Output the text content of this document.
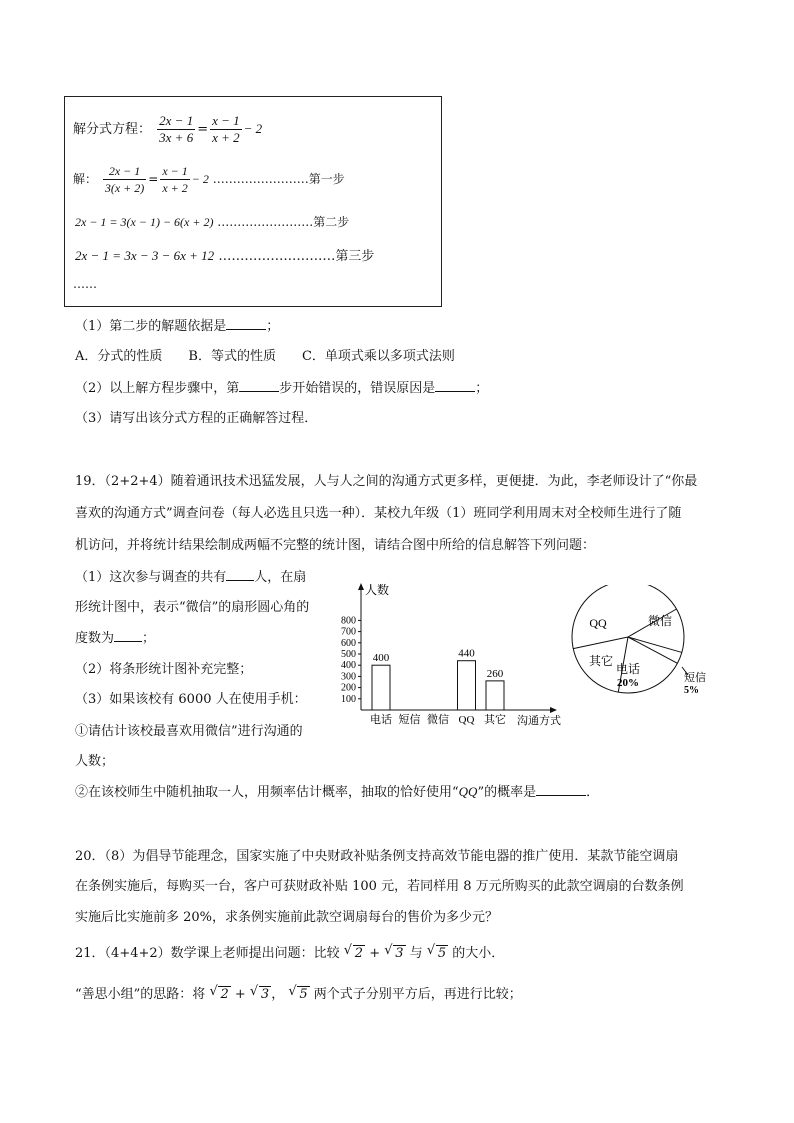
解分式方程： $\frac{2x - 1}{3x + 6} = \frac{x - 1}{x + 2} - 2$
解： $\frac{2x - 1}{3(x + 2)} = \frac{x - 1}{x + 2} - 2$ ……………………第一步
2x − 1 = 3(x − 1) − 6(x + 2) ……………………第二步
2x − 1 = 3x − 3 − 6x + 12 ………………………第三步
……
（1）第二步的解题依据是	；
A．分式的性质　　B．等式的性质　　C．单项式乘以多项式法则
（2）以上解方程步骤中，第	步开始错误的，错误原因是	；
（3）请写出该分式方程的正确解答过程．
19．（2+2+4）随着通讯技术迅猛发展，人与人之间的沟通方式更多样，更便捷．为此，李老师设计了“你最
喜欢的沟通方式”调查问卷（每人必选且只选一种）．某校九年级（1）班同学利用周末对全校师生进行了随
机访问，并将统计结果绘制成两幅不完整的统计图，请结合图中所给的信息解答下列问题：
（1）这次参与调查的共有 人，在扇
形统计图中，表示“微信”的扇形圆心角的
度数为 ；
（2）将条形统计图补充完整；
（3）如果该校有 6000 人在使用手机：
①请估计该校最喜欢用微信”进行沟通的
人数；
②在该校师生中随机抽取一人，用频率估计概率，抽取的恰好使用“QQ”的概率是	．
人数
沟通方式
100
200
300
400
500
600
700
800
电话
400
短信 微信 QQ
440
其它
260
微信
短信
5%
电话
20%
其它
QQ
20．（8）为倡导节能理念，国家实施了中央财政补贴条例支持高效节能电器的推广使用．某款节能空调扇
在条例实施后，每购买一台，客户可获财政补贴 100 元，若同样用 8 万元所购买的此款空调扇的台数条例
实施后比实施前多 20%，求条例实施前此款空调扇每台的售价为多少元？
21．（4+4+2）数学课上老师提出问题：比较 √ 2 + √ 3 与 √ 5 的大小．
“善思小组”的思路：将 √ 2 + √ 3 ， √ 5 两个式子分别平方后，再进行比较；
